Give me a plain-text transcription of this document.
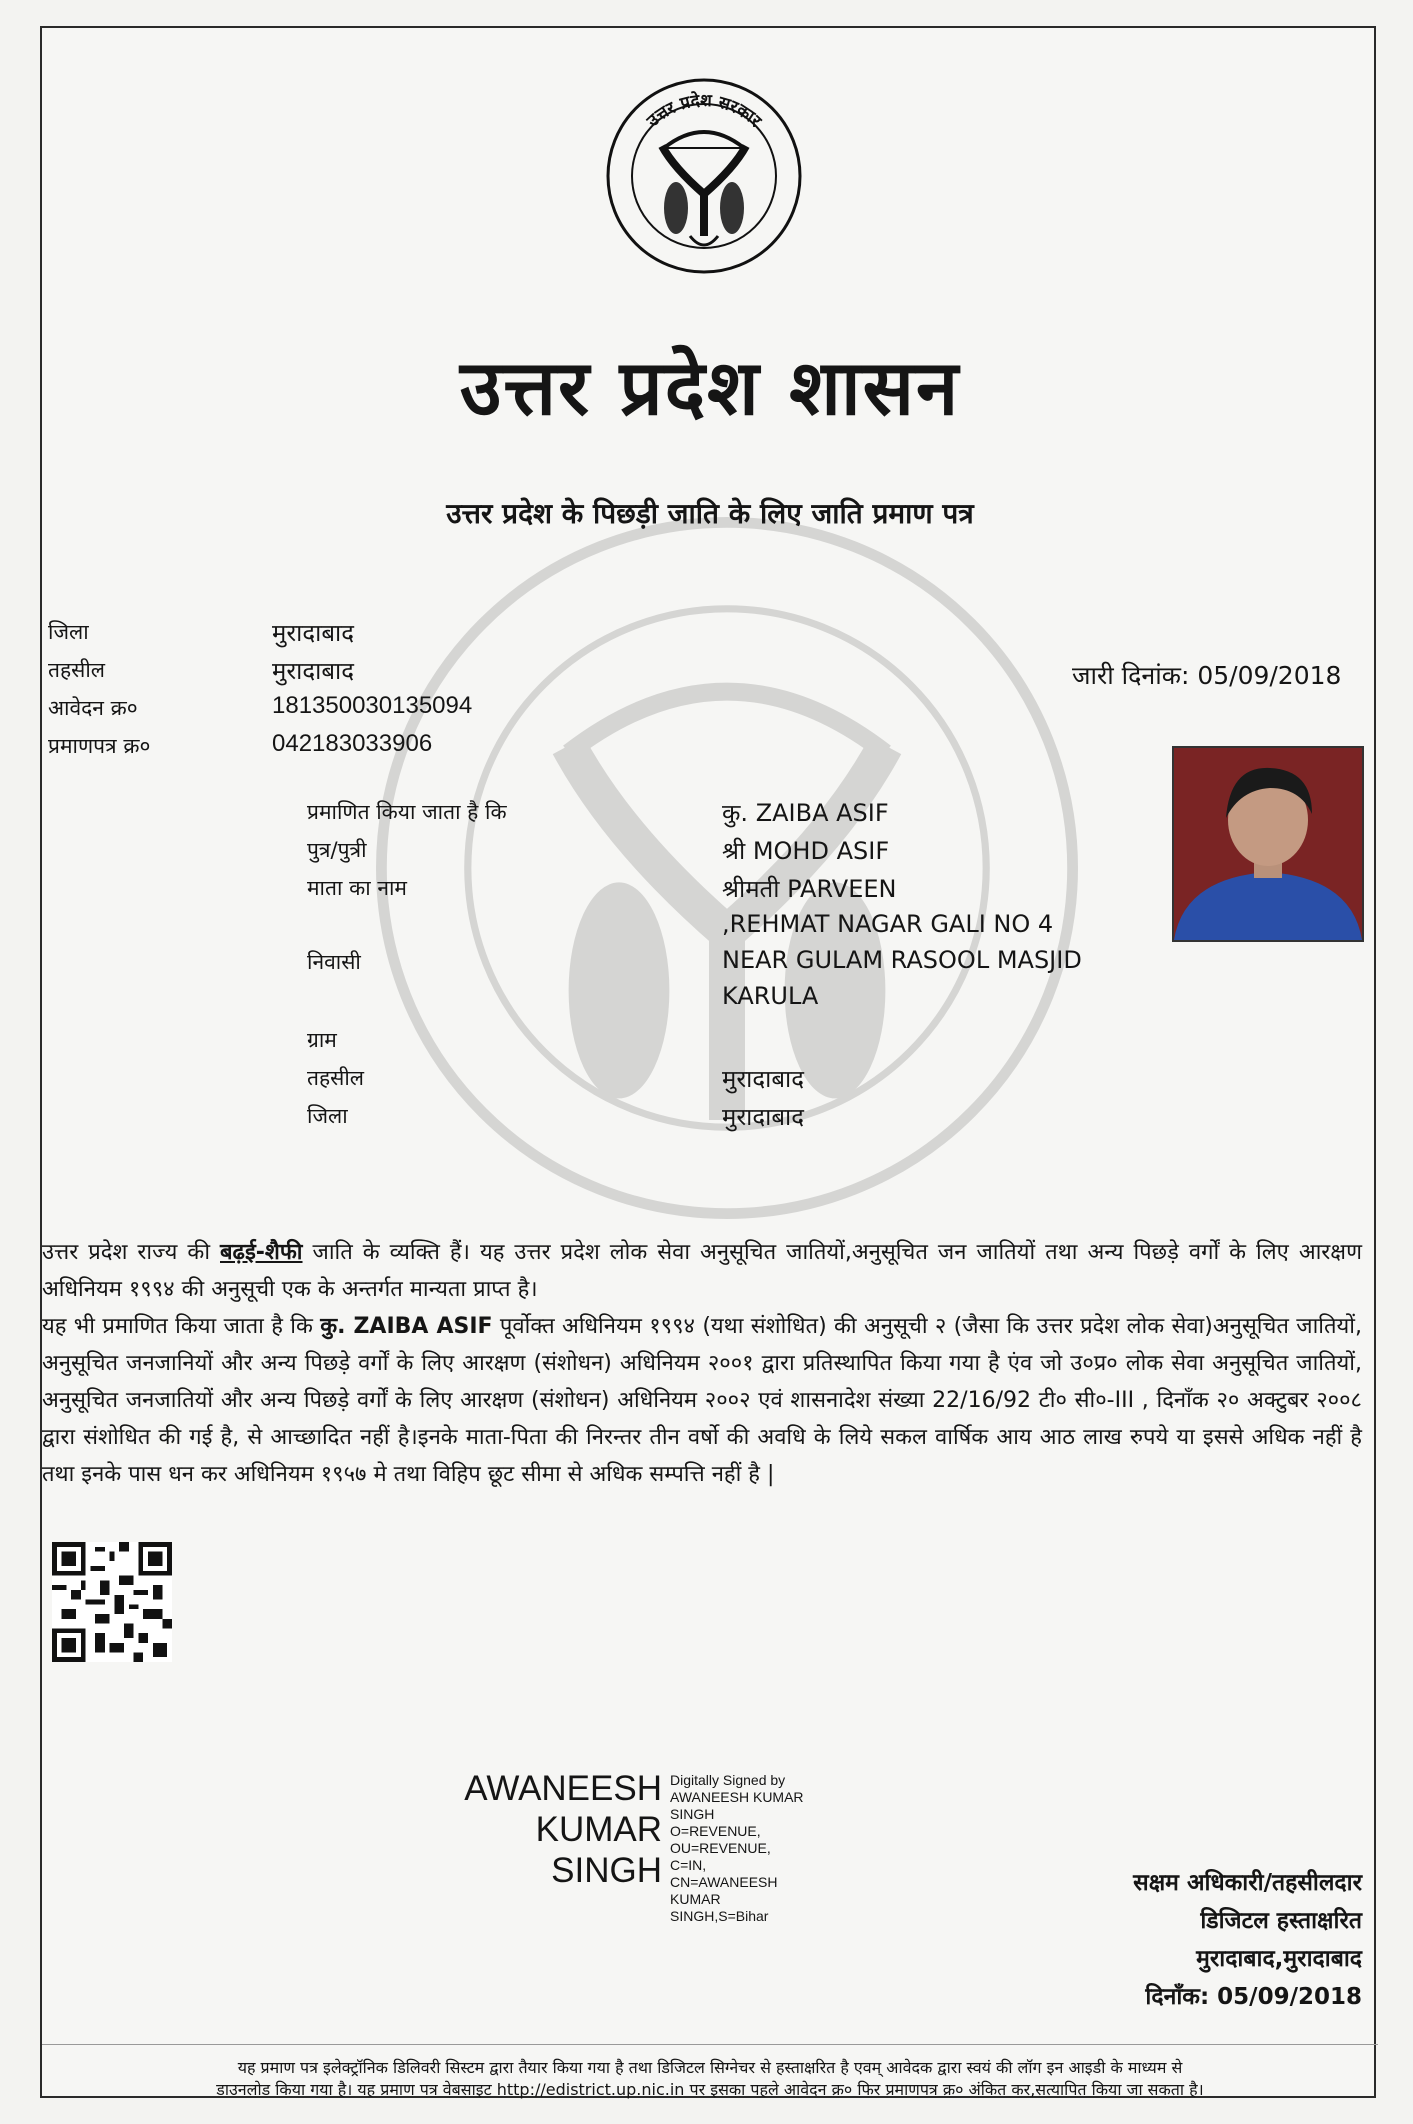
उत्तर प्रदेश सरकार
उत्तर प्रदेश शासन
उत्तर प्रदेश के पिछड़ी जाति के लिए जाति प्रमाण पत्र
जिला	मुरादाबाद
तहसील	मुरादाबाद
आवेदन क्र०	181350030135094
प्रमाणपत्र क्र०	042183033906
जारी दिनांक: 05/09/2018
प्रमाणित किया जाता है कि	कु. ZAIBA ASIF
पुत्र/पुत्री	श्री MOHD ASIF
माता का नाम	श्रीमती PARVEEN
,REHMAT NAGAR GALI NO 4
निवासी	NEAR GULAM RASOOL MASJID
KARULA
ग्राम
तहसील	मुरादाबाद
जिला	मुरादाबाद
उत्तर प्रदेश राज्य की बढ़ई-शैफी जाति के व्यक्ति हैं। यह उत्तर प्रदेश लोक सेवा अनुसूचित जातियों,अनुसूचित जन जातियों तथा अन्य पिछड़े वर्गों के लिए आरक्षण अधिनियम १९९४ की अनुसूची एक के अन्तर्गत मान्यता प्राप्त है।
यह भी प्रमाणित किया जाता है कि कु. ZAIBA ASIF पूर्वोक्त अधिनियम १९९४ (यथा संशोधित) की अनुसूची २ (जैसा कि उत्तर प्रदेश लोक सेवा)अनुसूचित जातियों, अनुसूचित जनजानियों और अन्य पिछड़े वर्गों के लिए आरक्षण (संशोधन) अधिनियम २००१ द्वारा प्रतिस्थापित किया गया है एंव जो उ०प्र० लोक सेवा अनुसूचित जातियों, अनुसूचित जनजातियों और अन्य पिछड़े वर्गों के लिए आरक्षण (संशोधन) अधिनियम २००२ एवं शासनादेश संख्या 22/16/92 टी० सी०-III , दिनाँक २० अक्टुबर २००८ द्वारा संशोधित की गई है, से आच्छादित नहीं है।इनके माता-पिता की निरन्तर तीन वर्षो की अवधि के लिये सकल वार्षिक आय आठ लाख रुपये या इससे अधिक नहीं है तथा इनके पास धन कर अधिनियम १९५७ मे तथा विहिप छूट सीमा से अधिक सम्पत्ति नहीं है |
AWANEESH
KUMAR
SINGH
Digitally Signed by
AWANEESH KUMAR
SINGH
O=REVENUE,
OU=REVENUE,
C=IN,
CN=AWANEESH
KUMAR
SINGH,S=Bihar
सक्षम अधिकारी/तहसीलदार
डिजिटल हस्ताक्षरित
मुरादाबाद,मुरादाबाद
दिनाँक: 05/09/2018
यह प्रमाण पत्र इलेक्ट्रॉनिक डिलिवरी सिस्टम द्वारा तैयार किया गया है तथा डिजिटल सिग्नेचर से हस्ताक्षरित है एवम् आवेदक द्वारा स्वयं की लॉग इन आइडी के माध्यम से
डाउनलोड किया गया है। यह प्रमाण पत्र वेबसाइट http://edistrict.up.nic.in पर इसका पहले आवेदन क्र० फिर प्रमाणपत्र क्र० अंकित कर,सत्यापित किया जा सकता है।
